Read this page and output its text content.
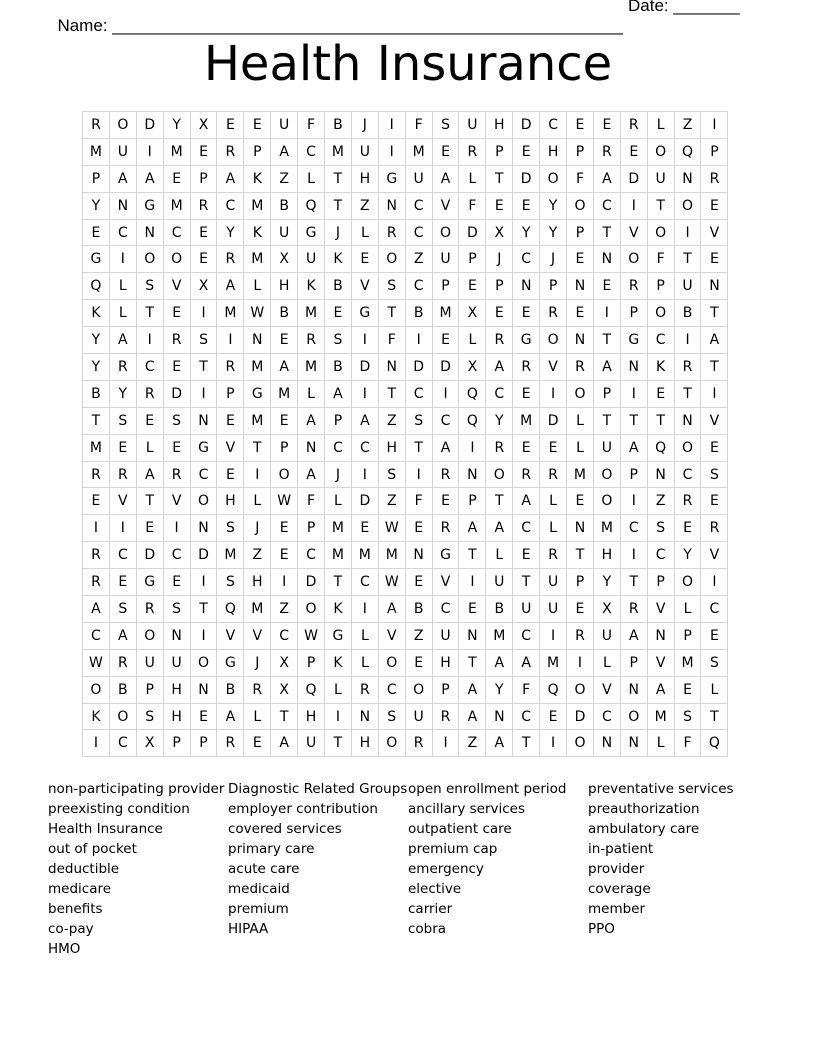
Name: ______________________________________________________

Date: _______

Health Insurance
R	O	D	Y	X	E	E	U	F	B	J	I	F	S	U	H	D	C	E	E	R	L	Z	I
M	U	I	M	E	R	P	A	C	M	U	I	M	E	R	P	E	H	P	R	E	O	Q	P
P	A	A	E	P	A	K	Z	L	T	H	G	U	A	L	T	D	O	F	A	D	U	N	R
Y	N	G	M	R	C	M	B	Q	T	Z	N	C	V	F	E	E	Y	O	C	I	T	O	E
E	C	N	C	E	Y	K	U	G	J	L	R	C	O	D	X	Y	Y	P	T	V	O	I	V
G	I	O	O	E	R	M	X	U	K	E	O	Z	U	P	J	C	J	E	N	O	F	T	E
Q	L	S	V	X	A	L	H	K	B	V	S	C	P	E	P	N	P	N	E	R	P	U	N
K	L	T	E	I	M	W	B	M	E	G	T	B	M	X	E	E	R	E	I	P	O	B	T
Y	A	I	R	S	I	N	E	R	S	I	F	I	E	L	R	G	O	N	T	G	C	I	A
Y	R	C	E	T	R	M	A	M	B	D	N	D	D	X	A	R	V	R	A	N	K	R	T
B	Y	R	D	I	P	G	M	L	A	I	T	C	I	Q	C	E	I	O	P	I	E	T	I
T	S	E	S	N	E	M	E	A	P	A	Z	S	C	Q	Y	M	D	L	T	T	T	N	V
M	E	L	E	G	V	T	P	N	C	C	H	T	A	I	R	E	E	L	U	A	Q	O	E
R	R	A	R	C	E	I	O	A	J	I	S	I	R	N	O	R	R	M	O	P	N	C	S
E	V	T	V	O	H	L	W	F	L	D	Z	F	E	P	T	A	L	E	O	I	Z	R	E
I	I	E	I	N	S	J	E	P	M	E	W	E	R	A	A	C	L	N	M	C	S	E	R
R	C	D	C	D	M	Z	E	C	M	M	M	N	G	T	L	E	R	T	H	I	C	Y	V
R	E	G	E	I	S	H	I	D	T	C	W	E	V	I	U	T	U	P	Y	T	P	O	I
A	S	R	S	T	Q	M	Z	O	K	I	A	B	C	E	B	U	U	E	X	R	V	L	C
C	A	O	N	I	V	V	C	W	G	L	V	Z	U	N	M	C	I	R	U	A	N	P	E
W	R	U	U	O	G	J	X	P	K	L	O	E	H	T	A	A	M	I	L	P	V	M	S
O	B	P	H	N	B	R	X	Q	L	R	C	O	P	A	Y	F	Q	O	V	N	A	E	L
K	O	S	H	E	A	L	T	H	I	N	S	U	R	A	N	C	E	D	C	O	M	S	T
I	C	X	P	P	R	E	A	U	T	H	O	R	I	Z	A	T	I	O	N	N	L	F	Q
non-participating provider
preexisting condition
Health Insurance
out of pocket
deductible
medicare
benefits
co-pay
HMO
Diagnostic Related Groups
employer contribution
covered services
primary care
acute care
medicaid
premium
HIPAA
open enrollment period
ancillary services
outpatient care
premium cap
emergency
elective
carrier
cobra
preventative services
preauthorization
ambulatory care
in-patient
provider
coverage
member
PPO
